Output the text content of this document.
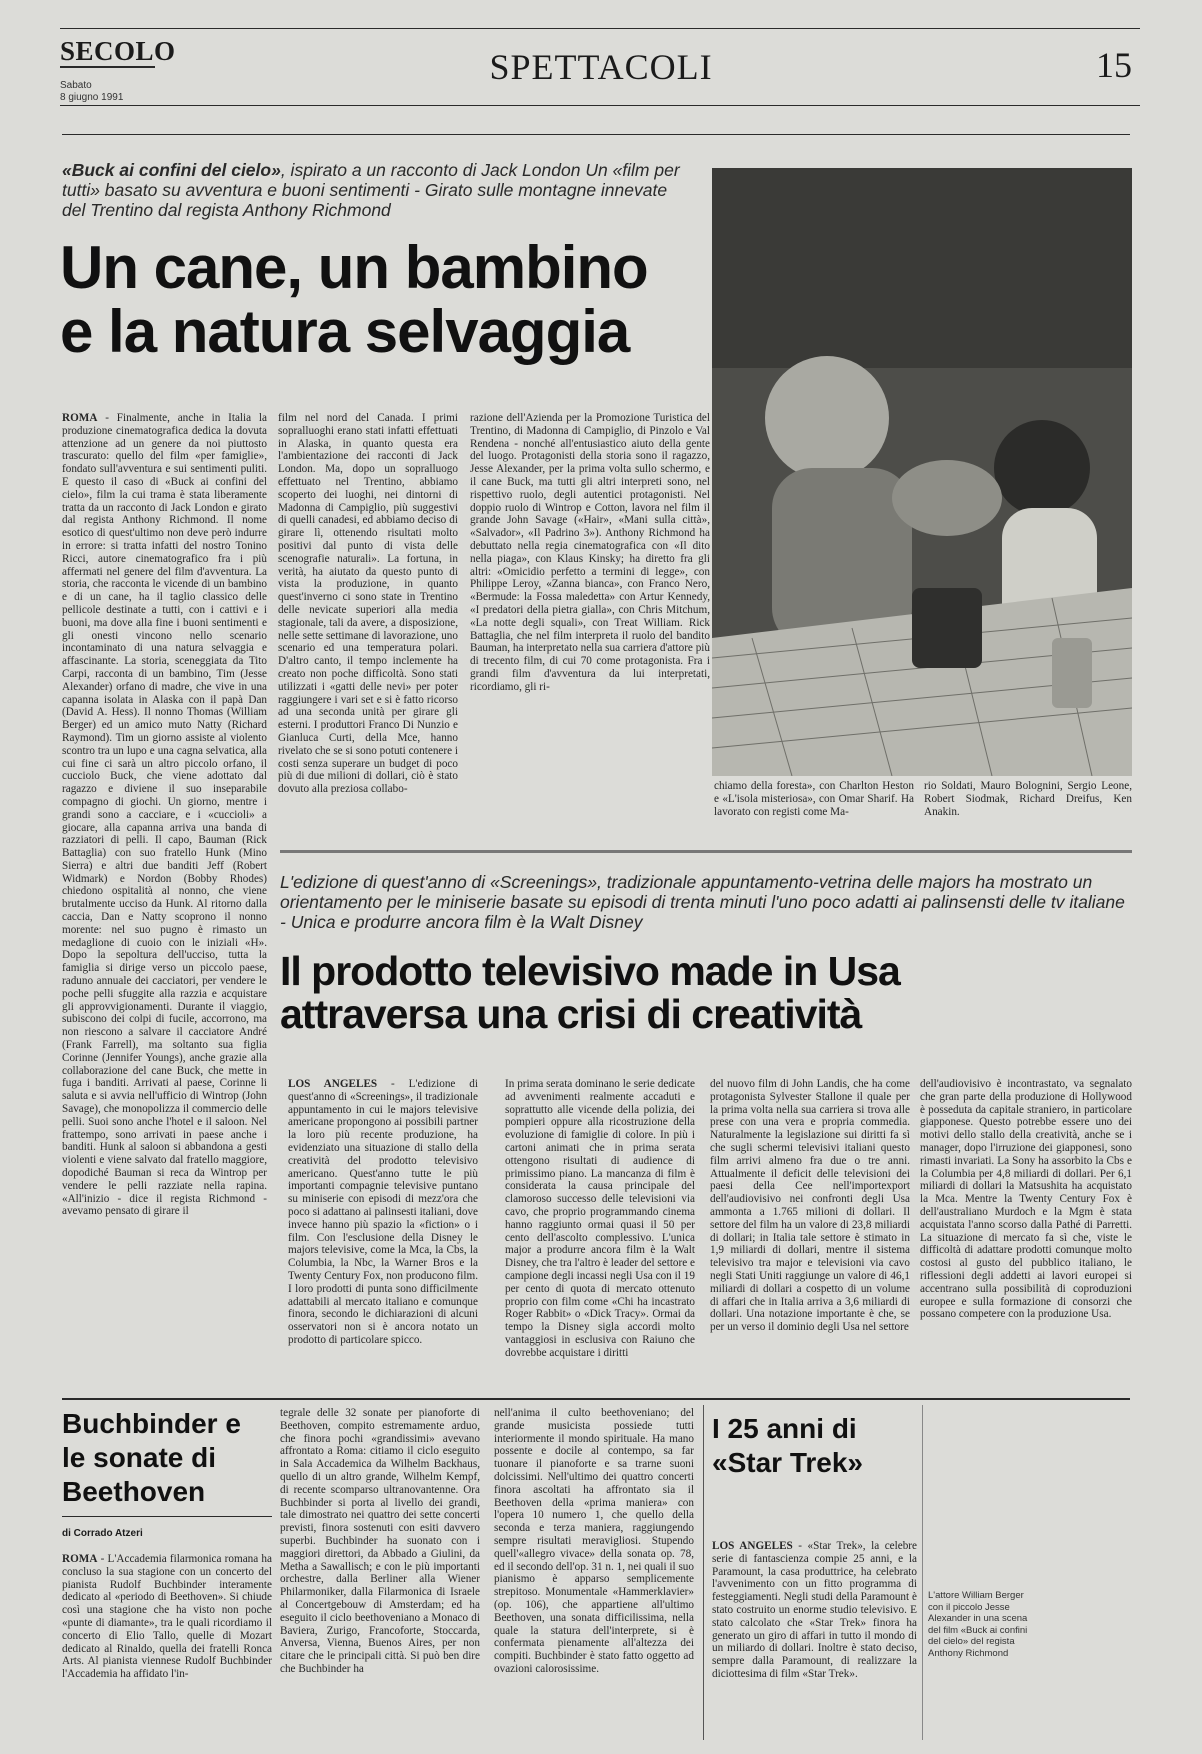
SECOLO
Sabato
8 giugno 1991
SPETTACOLI	15
«Buck ai confini del cielo», ispirato a un racconto di Jack London Un «film per tutti» basato su avventura e buoni sentimenti - Girato sulle montagne innevate del Trentino dal regista Anthony Richmond
Un cane, un bambino
e la natura selvaggia
ROMA - Finalmente, anche in Italia la produzione cinematografica dedica la dovuta attenzione ad un genere da noi piuttosto trascurato: quello del film «per famiglie», fondato sull'avventura e sui sentimenti puliti. E questo il caso di «Buck ai confini del cielo», film la cui trama è stata liberamente tratta da un racconto di Jack London e girato dal regista Anthony Richmond. Il nome esotico di quest'ultimo non deve però indurre in errore: si tratta infatti del nostro Tonino Ricci, autore cinematografico fra i più affermati nel genere del film d'avventura. La storia, che racconta le vicende di un bambino e di un cane, ha il taglio classico delle pellicole destinate a tutti, con i cattivi e i buoni, ma dove alla fine i buoni sentimenti e gli onesti vincono nello scenario incontaminato di una natura selvaggia e affascinante. La storia, sceneggiata da Tito Carpi, racconta di un bambino, Tim (Jesse Alexander) orfano di madre, che vive in una capanna isolata in Alaska con il papà Dan (David A. Hess). Il nonno Thomas (William Berger) ed un amico muto Natty (Richard Raymond). Tim un giorno assiste al violento scontro tra un lupo e una cagna selvatica, alla cui fine ci sarà un altro piccolo orfano, il cucciolo Buck, che viene adottato dal ragazzo e diviene il suo inseparabile compagno di giochi. Un giorno, mentre i grandi sono a cacciare, e i «cuccioli» a giocare, alla capanna arriva una banda di razziatori di pelli. Il capo, Bauman (Rick Battaglia) con suo fratello Hunk (Mino Sierra) e altri due banditi Jeff (Robert Widmark) e Nordon (Bobby Rhodes) chiedono ospitalità al nonno, che viene brutalmente ucciso da Hunk. Al ritorno dalla caccia, Dan e Natty scoprono il nonno morente: nel suo pugno è rimasto un medaglione di cuoio con le iniziali «H». Dopo la sepoltura dell'ucciso, tutta la famiglia si dirige verso un piccolo paese, raduno annuale dei cacciatori, per vendere le poche pelli sfuggite alla razzia e acquistare gli approvvigionamenti. Durante il viaggio, subiscono dei colpi di fucile, accorrono, ma non riescono a salvare il cacciatore André (Frank Farrell), ma soltanto sua figlia Corinne (Jennifer Youngs), anche grazie alla collaborazione del cane Buck, che mette in fuga i banditi. Arrivati al paese, Corinne li saluta e si avvia nell'ufficio di Wintrop (John Savage), che monopolizza il commercio delle pelli. Suoi sono anche l'hotel e il saloon. Nel frattempo, sono arrivati in paese anche i banditi. Hunk al saloon si abbandona a gesti violenti e viene salvato dal fratello maggiore, dopodiché Bauman si reca da Wintrop per vendere le pelli razziate nella rapina. «All'inizio - dice il regista Richmond - avevamo pensato di girare il
film nel nord del Canada. I primi sopralluoghi erano stati infatti effettuati in Alaska, in quanto questa era l'ambientazione dei racconti di Jack London. Ma, dopo un sopralluogo effettuato nel Trentino, abbiamo scoperto dei luoghi, nei dintorni di Madonna di Campiglio, più suggestivi di quelli canadesi, ed abbiamo deciso di girare lì, ottenendo risultati molto positivi dal punto di vista delle scenografie naturali». La fortuna, in verità, ha aiutato da questo punto di vista la produzione, in quanto quest'inverno ci sono state in Trentino delle nevicate superiori alla media stagionale, tali da avere, a disposizione, nelle sette settimane di lavorazione, uno scenario ed una temperatura polari. D'altro canto, il tempo inclemente ha creato non poche difficoltà. Sono stati utilizzati i «gatti delle nevi» per poter raggiungere i vari set e si è fatto ricorso ad una seconda unità per girare gli esterni. I produttori Franco Di Nunzio e Gianluca Curti, della Mce, hanno rivelato che se si sono potuti contenere i costi senza superare un budget di poco più di due milioni di dollari, ciò è stato dovuto alla preziosa collabo-
razione dell'Azienda per la Promozione Turistica del Trentino, di Madonna di Campiglio, di Pinzolo e Val Rendena - nonché all'entusiastico aiuto della gente del luogo. Protagonisti della storia sono il ragazzo, Jesse Alexander, per la prima volta sullo schermo, e il cane Buck, ma tutti gli altri interpreti sono, nel rispettivo ruolo, degli autentici protagonisti. Nel doppio ruolo di Wintrop e Cotton, lavora nel film il grande John Savage («Hair», «Mani sulla città», «Salvador», «Il Padrino 3»). Anthony Richmond ha debuttato nella regia cinematografica con «Il dito nella piaga», con Klaus Kinsky; ha diretto fra gli altri: «Omicidio perfetto a termini di legge», con Philippe Leroy, «Zanna bianca», con Franco Nero, «Bermude: la Fossa maledetta» con Artur Kennedy, «I predatori della pietra gialla», con Chris Mitchum, «La notte degli squali», con Treat William. Rick Battaglia, che nel film interpreta il ruolo del bandito Bauman, ha interpretato nella sua carriera d'attore più di trecento film, di cui 70 come protagonista. Fra i grandi film d'avventura da lui interpretati, ricordiamo, gli ri-
chiamo della foresta», con Charlton Heston e «L'isola misteriosa», con Omar Sharif. Ha lavorato con registi come Ma-
rio Soldati, Mauro Bolognini, Sergio Leone, Robert Siodmak, Richard Dreifus, Ken Anakin.
L'edizione di quest'anno di «Screenings», tradizionale appuntamento-vetrina delle majors ha mostrato un orientamento per le miniserie basate su episodi di trenta minuti l'uno poco adatti ai palinsensti delle tv italiane - Unica e produrre ancora film è la Walt Disney
Il prodotto televisivo made in Usa
attraversa una crisi di creatività
LOS ANGELES - L'edizione di quest'anno di «Screenings», il tradizionale appuntamento in cui le majors televisive americane propongono ai possibili partner la loro più recente produzione, ha evidenziato una situazione di stallo della creatività del prodotto televisivo americano. Quest'anno tutte le più importanti compagnie televisive puntano su miniserie con episodi di mezz'ora che poco si adattano ai palinsesti italiani, dove invece hanno più spazio la «fiction» o i film. Con l'esclusione della Disney le majors televisive, come la Mca, la Cbs, la Columbia, la Nbc, la Warner Bros e la Twenty Century Fox, non producono film. I loro prodotti di punta sono difficilmente adattabili al mercato italiano e comunque finora, secondo le dichiarazioni di alcuni osservatori non si è ancora notato un prodotto di particolare spicco.
In prima serata dominano le serie dedicate ad avvenimenti realmente accaduti e soprattutto alle vicende della polizia, dei pompieri oppure alla ricostruzione della evoluzione di famiglie di colore. In più i cartoni animati che in prima serata ottengono risultati di audience di primissimo piano. La mancanza di film è considerata la causa principale del clamoroso successo delle televisioni via cavo, che proprio programmando cinema hanno raggiunto ormai quasi il 50 per cento dell'ascolto complessivo. L'unica major a produrre ancora film è la Walt Disney, che tra l'altro è leader del settore e campione degli incassi negli Usa con il 19 per cento di quota di mercato ottenuto proprio con film come «Chi ha incastrato Roger Rabbit» o «Dick Tracy». Ormai da tempo la Disney sigla accordi molto vantaggiosi in esclusiva con Raiuno che dovrebbe acquistare i diritti
del nuovo film di John Landis, che ha come protagonista Sylvester Stallone il quale per la prima volta nella sua carriera si trova alle prese con una vera e propria commedia. Naturalmente la legislazione sui diritti fa sì che sugli schermi televisivi italiani questo film arrivi almeno fra due o tre anni. Attualmente il deficit delle televisioni dei paesi della Cee nell'importexport dell'audiovisivo nei confronti degli Usa ammonta a 1.765 milioni di dollari. Il settore del film ha un valore di 23,8 miliardi di dollari; in Italia tale settore è stimato in 1,9 miliardi di dollari, mentre il sistema televisivo tra major e televisioni via cavo negli Stati Uniti raggiunge un valore di 46,1 miliardi di dollari a cospetto di un volume di affari che in Italia arriva a 3,6 miliardi di dollari. Una notazione importante è che, se per un verso il dominio degli Usa nel settore
dell'audiovisivo è incontrastato, va segnalato che gran parte della produzione di Hollywood è posseduta da capitale straniero, in particolare giapponese. Questo potrebbe essere uno dei motivi dello stallo della creatività, anche se i manager, dopo l'irruzione dei giapponesi, sono rimasti invariati. La Sony ha assorbito la Cbs e la Columbia per 4,8 miliardi di dollari. Per 6,1 miliardi di dollari la Matsushita ha acquistato la Mca. Mentre la Twenty Century Fox è dell'australiano Murdoch e la Mgm è stata acquistata l'anno scorso dalla Pathé di Parretti. La situazione di mercato fa sì che, viste le difficoltà di adattare prodotti comunque molto costosi al gusto del pubblico italiano, le riflessioni degli addetti ai lavori europei si accentrano sulla possibilità di coproduzioni europee e sulla formazione di consorzi che possano competere con la produzione Usa.
Buchbinder e le sonate di Beethoven
di Corrado Atzeri
ROMA - L'Accademia filarmonica romana ha concluso la sua stagione con un concerto del pianista Rudolf Buchbinder interamente dedicato al «periodo di Beethoven». Si chiude così una stagione che ha visto non poche «punte di diamante», tra le quali ricordiamo il concerto di Elio Tallo, quelle di Mozart dedicato al Rinaldo, quella dei fratelli Ronca Arts. Al pianista viennese Rudolf Buchbinder l'Accademia ha affidato l'in-
tegrale delle 32 sonate per pianoforte di Beethoven, compito estremamente arduo, che finora pochi «grandissimi» avevano affrontato a Roma: citiamo il ciclo eseguito in Sala Accademica da Wilhelm Backhaus, quello di un altro grande, Wilhelm Kempf, di recente scomparso ultranovantenne. Ora Buchbinder si porta al livello dei grandi, tale dimostrato nei quattro dei sette concerti previsti, finora sostenuti con esiti davvero superbi. Buchbinder ha suonato con i maggiori direttori, da Abbado a Giulini, da Metha a Sawallisch; e con le più importanti orchestre, dalla Berliner alla Wiener Philarmoniker, dalla Filarmonica di Israele al Concertgebouw di Amsterdam; ed ha eseguito il ciclo beethoveniano a Monaco di Baviera, Zurigo, Francoforte, Stoccarda, Anversa, Vienna, Buenos Aires, per non citare che le principali città. Si può ben dire che Buchbinder ha
nell'anima il culto beethoveniano; del grande musicista possiede tutti interiormente il mondo spirituale. Ha mano possente e docile al contempo, sa far tuonare il pianoforte e sa trarne suoni dolcissimi. Nell'ultimo dei quattro concerti finora ascoltati ha affrontato sia il Beethoven della «prima maniera» con l'opera 10 numero 1, che quello della seconda e terza maniera, raggiungendo sempre risultati meravigliosi. Stupendo quell'«allegro vivace» della sonata op. 78, ed il secondo dell'op. 31 n. 1, nei quali il suo pianismo è apparso semplicemente strepitoso. Monumentale «Hammerklavier» (op. 106), che appartiene all'ultimo Beethoven, una sonata difficilissima, nella quale la statura dell'interprete, si è confermata pienamente all'altezza dei compiti. Buchbinder è stato fatto oggetto ad ovazioni calorosissime.
I 25 anni di «Star Trek»
LOS ANGELES - «Star Trek», la celebre serie di fantascienza compie 25 anni, e la Paramount, la casa produttrice, ha celebrato l'avvenimento con un fitto programma di festeggiamenti. Negli studi della Paramount è stato costruito un enorme studio televisivo. E stato calcolato che «Star Trek» finora ha generato un giro di affari in tutto il mondo di un miliardo di dollari. Inoltre è stato deciso, sempre dalla Paramount, di realizzare la diciottesima di film «Star Trek».
L'attore William Berger con il piccolo Jesse Alexander in una scena del film «Buck ai confini del cielo» del regista Anthony Richmond
